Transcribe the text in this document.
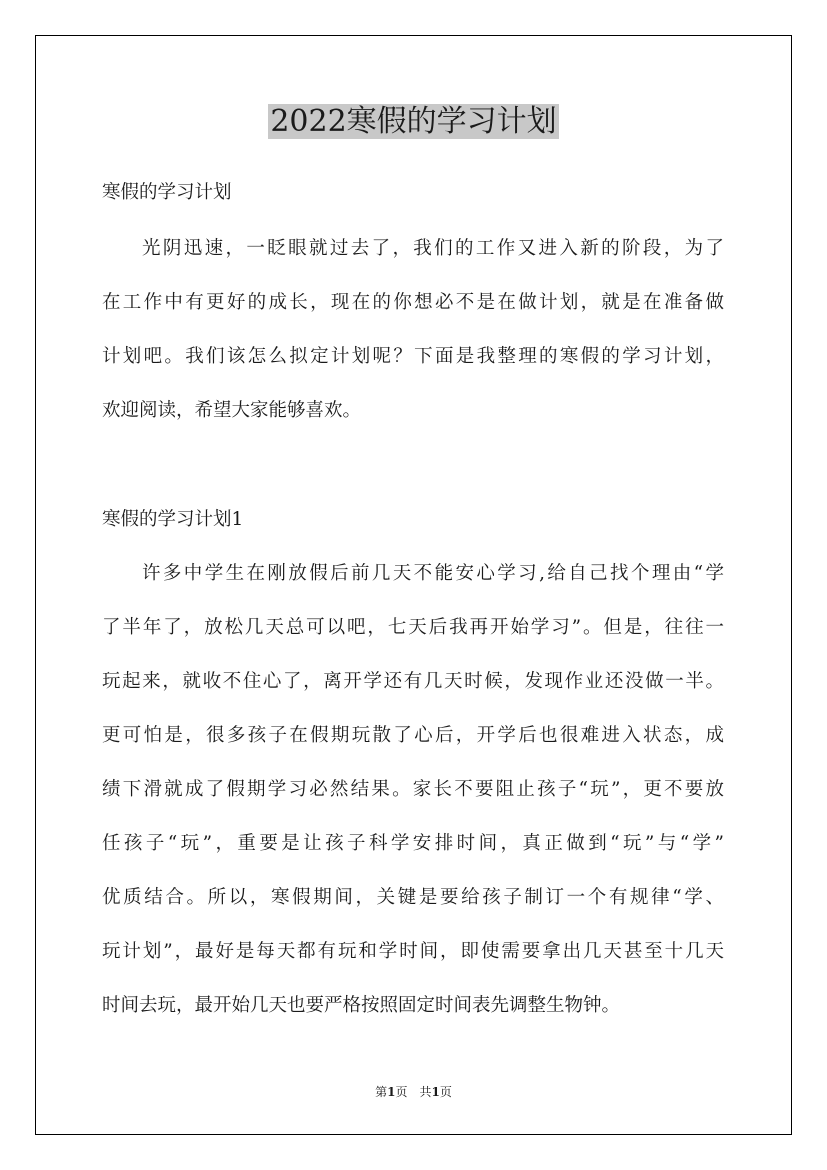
2022寒假的学习计划
寒假的学习计划
光阴迅速，一眨眼就过去了，我们的工作又进入新的阶段，为了
在工作中有更好的成长，现在的你想必不是在做计划，就是在准备做
计划吧。我们该怎么拟定计划呢？下面是我整理的寒假的学习计划，
欢迎阅读，希望大家能够喜欢。
寒假的学习计划1
许多中学生在刚放假后前几天不能安心学习,给自己找个理由“学
了半年了，放松几天总可以吧，七天后我再开始学习”。但是，往往一
玩起来，就收不住心了，离开学还有几天时候，发现作业还没做一半。
更可怕是，很多孩子在假期玩散了心后，开学后也很难进入状态，成
绩下滑就成了假期学习必然结果。家长不要阻止孩子“玩”，更不要放
任孩子“玩”，重要是让孩子科学安排时间，真正做到“玩”与“学”
优质结合。所以，寒假期间，关键是要给孩子制订一个有规律“学、
玩计划”，最好是每天都有玩和学时间，即使需要拿出几天甚至十几天
时间去玩，最开始几天也要严格按照固定时间表先调整生物钟。
第1页　共1页
